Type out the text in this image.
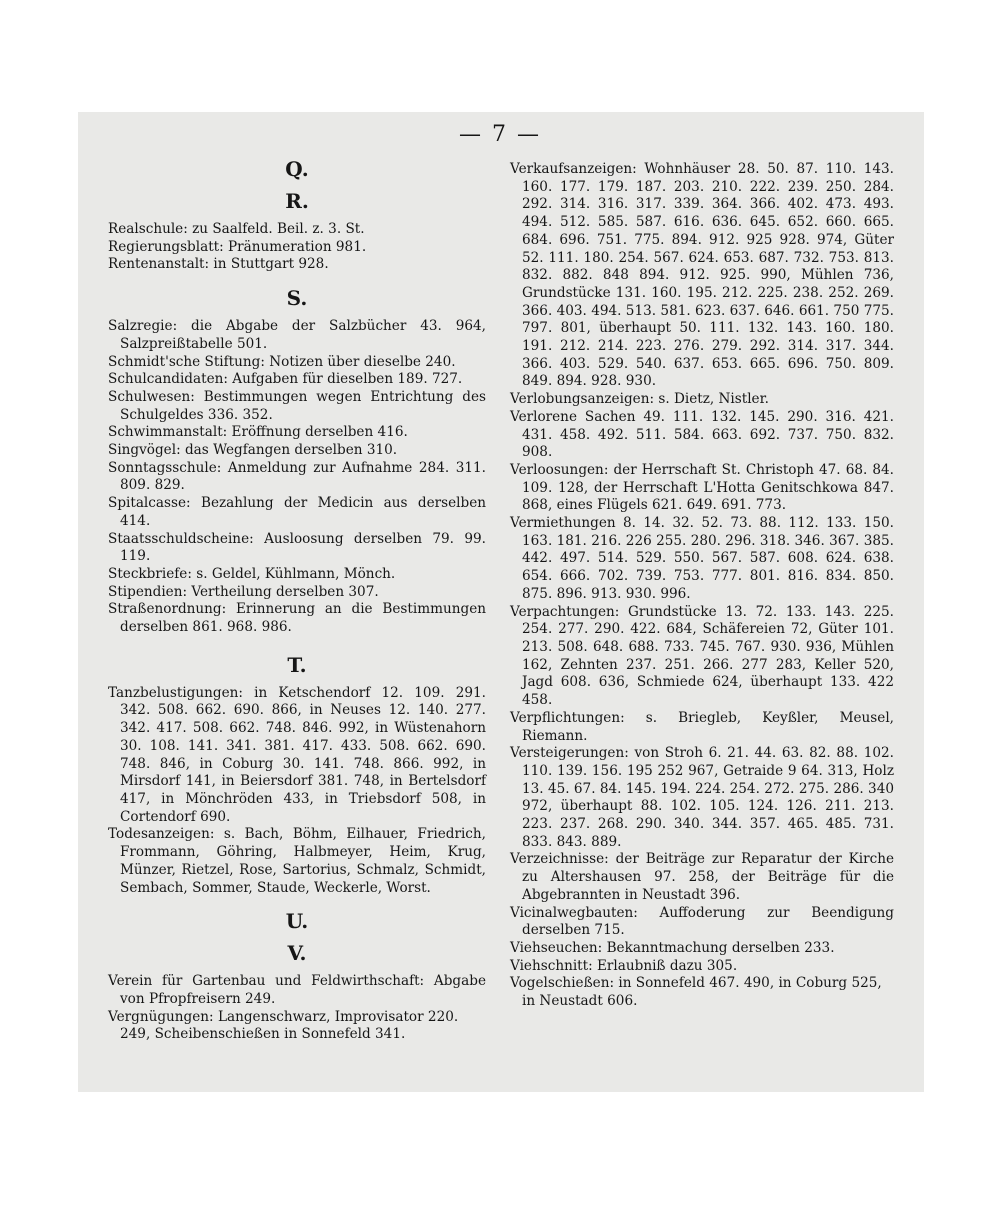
— 7 —
Q.
R.
Realschule: zu Saalfeld. Beil. z. 3. St.
Regierungsblatt: Pränumeration 981.
Rentenanstalt: in Stuttgart 928.
S.
Salzregie: die Abgabe der Salzbücher 43. 964, Salzpreißtabelle 501.
Schmidt'sche Stiftung: Notizen über dieselbe 240.
Schulcandidaten: Aufgaben für dieselben 189. 727.
Schulwesen: Bestimmungen wegen Entrichtung des Schulgeldes 336. 352.
Schwimmanstalt: Eröffnung derselben 416.
Singvögel: das Wegfangen derselben 310.
Sonntagsschule: Anmeldung zur Aufnahme 284. 311. 809. 829.
Spitalcasse: Bezahlung der Medicin aus derselben 414.
Staatsschuldscheine: Ausloosung derselben 79. 99. 119.
Steckbriefe: s. Geldel, Kühlmann, Mönch.
Stipendien: Vertheilung derselben 307.
Straßenordnung: Erinnerung an die Bestimmungen derselben 861. 968. 986.
T.
Tanzbelustigungen: in Ketschendorf 12. 109. 291. 342. 508. 662. 690. 866, in Neuses 12. 140. 277. 342. 417. 508. 662. 748. 846. 992, in Wüstenahorn 30. 108. 141. 341. 381. 417. 433. 508. 662. 690. 748. 846, in Coburg 30. 141. 748. 866. 992, in Mirsdorf 141, in Beiersdorf 381. 748, in Bertelsdorf 417, in Mönchröden 433, in Triebsdorf 508, in Cortendorf 690.
Todesanzeigen: s. Bach, Böhm, Eilhauer, Friedrich, Frommann, Göhring, Halbmeyer, Heim, Krug, Münzer, Rietzel, Rose, Sartorius, Schmalz, Schmidt, Sembach, Sommer, Staude, Weckerle, Worst.
U.
V.
Verein für Gartenbau und Feldwirthschaft: Abgabe von Pfropfreisern 249.
Vergnügungen: Langenschwarz, Improvisator 220. 249, Scheibenschießen in Sonnefeld 341.
Verkaufsanzeigen: Wohnhäuser 28. 50. 87. 110. 143. 160. 177. 179. 187. 203. 210. 222. 239. 250. 284. 292. 314. 316. 317. 339. 364. 366. 402. 473. 493. 494. 512. 585. 587. 616. 636. 645. 652. 660. 665. 684. 696. 751. 775. 894. 912. 925 928. 974, Güter 52. 111. 180. 254. 567. 624. 653. 687. 732. 753. 813. 832. 882. 848 894. 912. 925. 990, Mühlen 736, Grundstücke 131. 160. 195. 212. 225. 238. 252. 269. 366. 403. 494. 513. 581. 623. 637. 646. 661. 750 775. 797. 801, überhaupt 50. 111. 132. 143. 160. 180. 191. 212. 214. 223. 276. 279. 292. 314. 317. 344. 366. 403. 529. 540. 637. 653. 665. 696. 750. 809. 849. 894. 928. 930.
Verlobungsanzeigen: s. Dietz, Nistler.
Verlorene Sachen 49. 111. 132. 145. 290. 316. 421. 431. 458. 492. 511. 584. 663. 692. 737. 750. 832. 908.
Verloosungen: der Herrschaft St. Christoph 47. 68. 84. 109. 128, der Herrschaft L'Hotta Genitschkowa 847. 868, eines Flügels 621. 649. 691. 773.
Vermiethungen 8. 14. 32. 52. 73. 88. 112. 133. 150. 163. 181. 216. 226 255. 280. 296. 318. 346. 367. 385. 442. 497. 514. 529. 550. 567. 587. 608. 624. 638. 654. 666. 702. 739. 753. 777. 801. 816. 834. 850. 875. 896. 913. 930. 996.
Verpachtungen: Grundstücke 13. 72. 133. 143. 225. 254. 277. 290. 422. 684, Schäfereien 72, Güter 101. 213. 508. 648. 688. 733. 745. 767. 930. 936, Mühlen 162, Zehnten 237. 251. 266. 277 283, Keller 520, Jagd 608. 636, Schmiede 624, überhaupt 133. 422 458.
Verpflichtungen: s. Briegleb, Keyßler, Meusel, Riemann.
Versteigerungen: von Stroh 6. 21. 44. 63. 82. 88. 102. 110. 139. 156. 195 252 967, Getraide 9 64. 313, Holz 13. 45. 67. 84. 145. 194. 224. 254. 272. 275. 286. 340 972, überhaupt 88. 102. 105. 124. 126. 211. 213. 223. 237. 268. 290. 340. 344. 357. 465. 485. 731. 833. 843. 889.
Verzeichnisse: der Beiträge zur Reparatur der Kirche zu Altershausen 97. 258, der Beiträge für die Abgebrannten in Neustadt 396.
Vicinalwegbauten: Auffoderung zur Beendigung derselben 715.
Viehseuchen: Bekanntmachung derselben 233.
Viehschnitt: Erlaubniß dazu 305.
Vogelschießen: in Sonnefeld 467. 490, in Coburg 525, in Neustadt 606.
